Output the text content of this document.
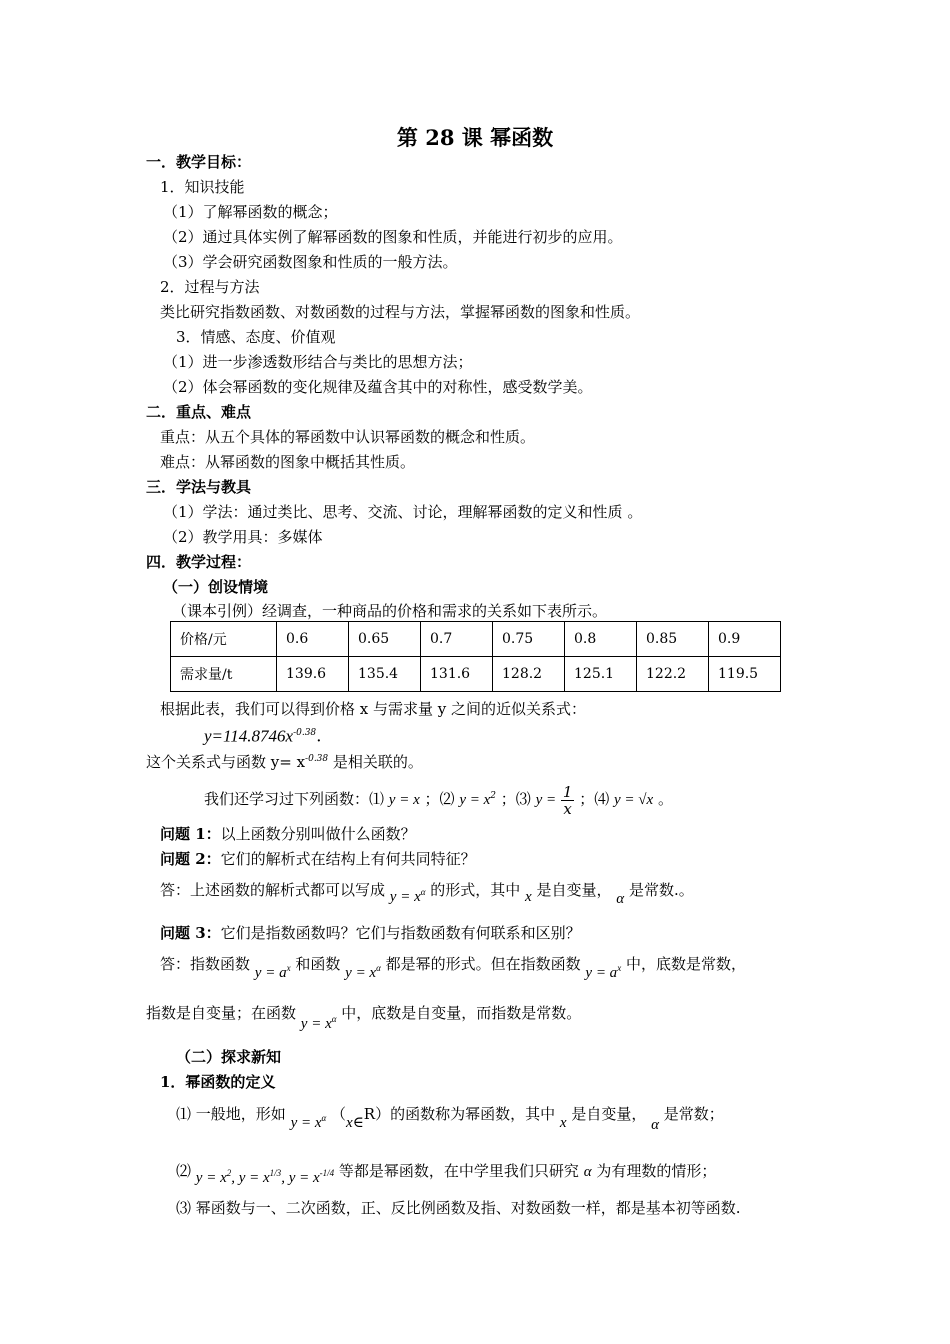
第 28 课 幂函数
一．教学目标：
1．知识技能
（1）了解幂函数的概念；
（2）通过具体实例了解幂函数的图象和性质，并能进行初步的应用。
（3）学会研究函数图象和性质的一般方法。
2．过程与方法
类比研究指数函数、对数函数的过程与方法，掌握幂函数的图象和性质。
3．情感、态度、价值观
（1）进一步渗透数形结合与类比的思想方法；
（2）体会幂函数的变化规律及蕴含其中的对称性，感受数学美。
二．重点、难点
重点：从五个具体的幂函数中认识幂函数的概念和性质。
难点：从幂函数的图象中概括其性质。
三．学法与教具
（1）学法：通过类比、思考、交流、讨论，理解幂函数的定义和性质 。
（2）教学用具：多媒体
四．教学过程：
（一）创设情境
（课本引例）经调查，一种商品的价格和需求的关系如下表所示。
价格/元	0.6	0.65	0.7	0.75	0.8	0.85	0.9
需求量/t	139.6	135.4	131.6	128.2	125.1	122.2	119.5
根据此表，我们可以得到价格 x 与需求量 y 之间的近似关系式：
$y=114.8746x^{-0.38}$.
这个关系式与函数 $y= x^{-0.38}$ 是相关联的。
我们还学习过下列函数：⑴ y = x ；⑵ $y = x^2$ ；⑶ $y = \frac{1}{x}$ ；⑷ y = √x 。
问题 1：以上函数分别叫做什么函数？
问题 2：它们的解析式在结构上有何共同特征？
答：上述函数的解析式都可以写成 $y = x^\alpha$ 的形式，其中 x 是自变量， α 是常数.。
问题 3：它们是指数函数吗？它们与指数函数有何联系和区别？
答：指数函数 $y = a^x$ 和函数 $y = x^\alpha$ 都是幂的形式。但在指数函数 $y = a^x$ 中，底数是常数，
指数是自变量；在函数 $y = x^\alpha$ 中，底数是自变量，而指数是常数。
（二）探求新知
1．幂函数的定义
⑴ 一般地，形如 $y = x^\alpha$ （x∈R）的函数称为幂函数，其中 x 是自变量， α 是常数；
⑵ $y = x^2$, $y = x^{1/3}$, $y = x^{-1/4}$ 等都是幂函数，在中学里我们只研究 α 为有理数的情形；
⑶ 幂函数与一、二次函数，正、反比例函数及指、对数函数一样，都是基本初等函数.
